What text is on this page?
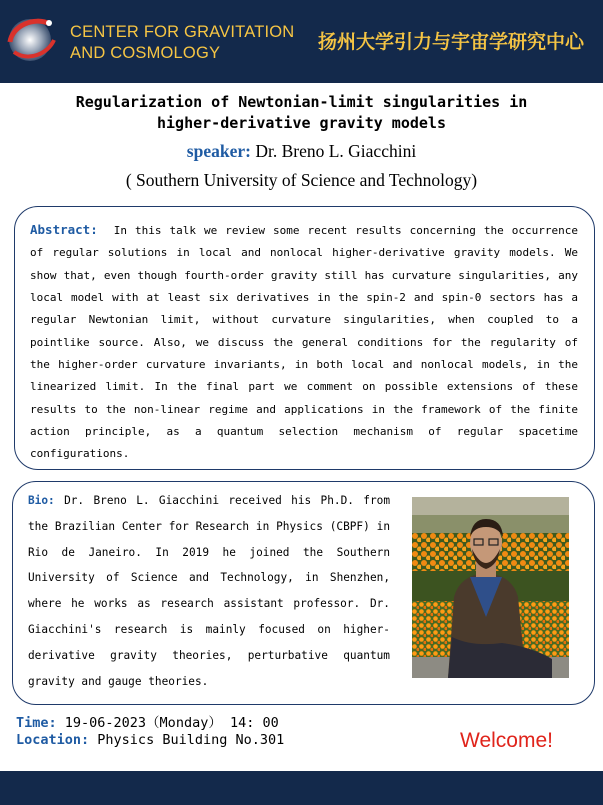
CENTER FOR GRAVITATION
AND COSMOLOGY	扬州大学引力与宇宙学研究中心
Regularization of Newtonian-limit singularities in
higher-derivative gravity models
speaker: Dr. Breno L. Giacchini
( Southern University of Science and Technology)
Abstract: In this talk we review some recent results concerning the occurrence of regular solutions in local and nonlocal higher-derivative gravity models. We show that, even though fourth-order gravity still has curvature singularities, any local model with at least six derivatives in the spin-2 and spin-0 sectors has a regular Newtonian limit, without curvature singularities, when coupled to a pointlike source. Also, we discuss the general conditions for the regularity of the higher-order curvature invariants, in both local and nonlocal models, in the linearized limit. In the final part we comment on possible extensions of these results to the non-linear regime and applications in the framework of the finite action principle, as a quantum selection mechanism of regular spacetime configurations.
Bio: Dr. Breno L. Giacchini received his Ph.D. from the Brazilian Center for Research in Physics (CBPF) in Rio de Janeiro. In 2019 he joined the Southern University of Science and Technology, in Shenzhen, where he works as research assistant professor. Dr. Giacchini's research is mainly focused on higher-derivative gravity theories, perturbative quantum gravity and gauge theories.
Time: 19-06-2023（Monday） 14: 00
Location: Physics Building No.301	Welcome!
